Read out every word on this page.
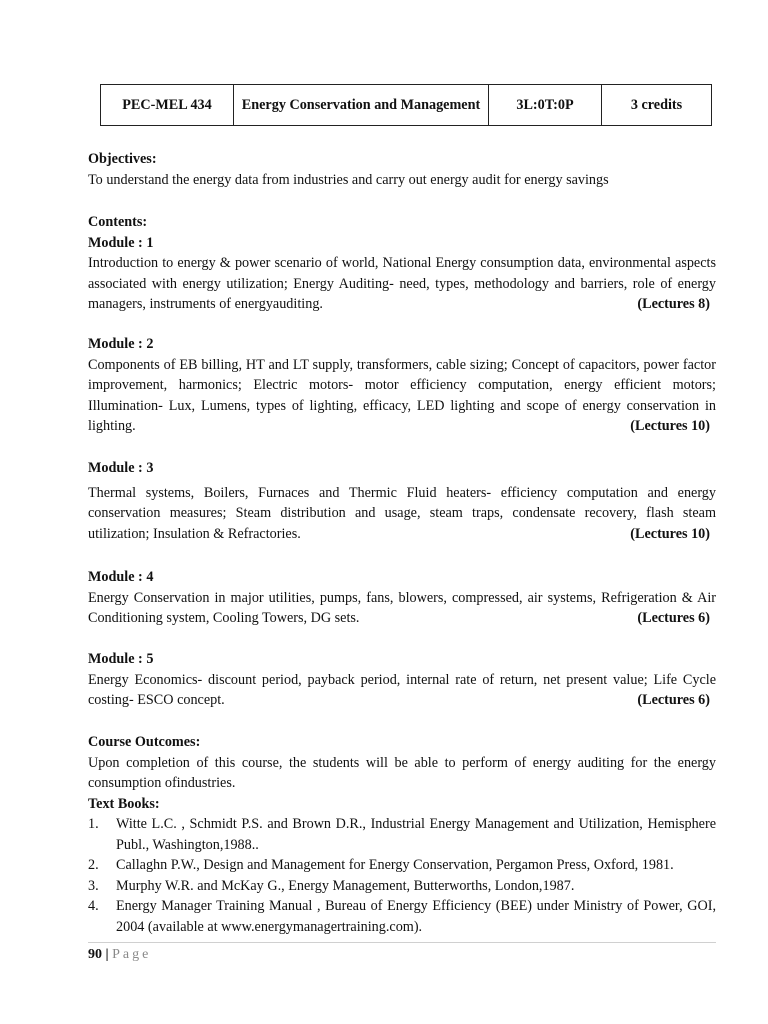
PEC-MEL 434	Energy Conservation and Management	3L:0T:0P	3 credits

Objectives:

To understand the energy data from industries and carry out energy audit for energy savings

Contents:

Module : 1

Introduction to energy & power scenario of world, National Energy consumption data, environmental aspects associated with energy utilization; Energy Auditing- need, types, methodology and barriers, role of energy managers, instruments of energyauditing.	(Lectures 8)

Module : 2

Components of EB billing, HT and LT supply, transformers, cable sizing; Concept of capacitors, power factor improvement, harmonics; Electric motors- motor efficiency computation, energy efficient motors; Illumination- Lux, Lumens, types of lighting, efficacy, LED lighting and scope of energy conservation in lighting.	(Lectures 10)

Module : 3

Thermal systems, Boilers, Furnaces and Thermic Fluid heaters- efficiency computation and energy conservation measures; Steam distribution and usage, steam traps, condensate recovery, flash steam utilization; Insulation & Refractories.	(Lectures 10)

Module : 4

Energy Conservation in major utilities, pumps, fans, blowers, compressed, air systems, Refrigeration & Air Conditioning system, Cooling Towers, DG sets.	(Lectures 6)

Module : 5

Energy Economics- discount period, payback period, internal rate of return, net present value; Life Cycle costing- ESCO concept.	(Lectures 6)

Course Outcomes:

Upon completion of this course, the students will be able to perform of energy auditing for the energy consumption ofindustries.

Text Books:

1. Witte L.C. , Schmidt P.S. and Brown D.R., Industrial Energy Management and Utilization, Hemisphere Publ., Washington,1988..
2. Callaghn P.W., Design and Management for Energy Conservation, Pergamon Press, Oxford, 1981.
3. Murphy W.R. and McKay G., Energy Management, Butterworths, London,1987.
4. Energy Manager Training Manual , Bureau of Energy Efficiency (BEE) under Ministry of Power, GOI, 2004 (available at www.energymanagertraining.com).
90 | Page
